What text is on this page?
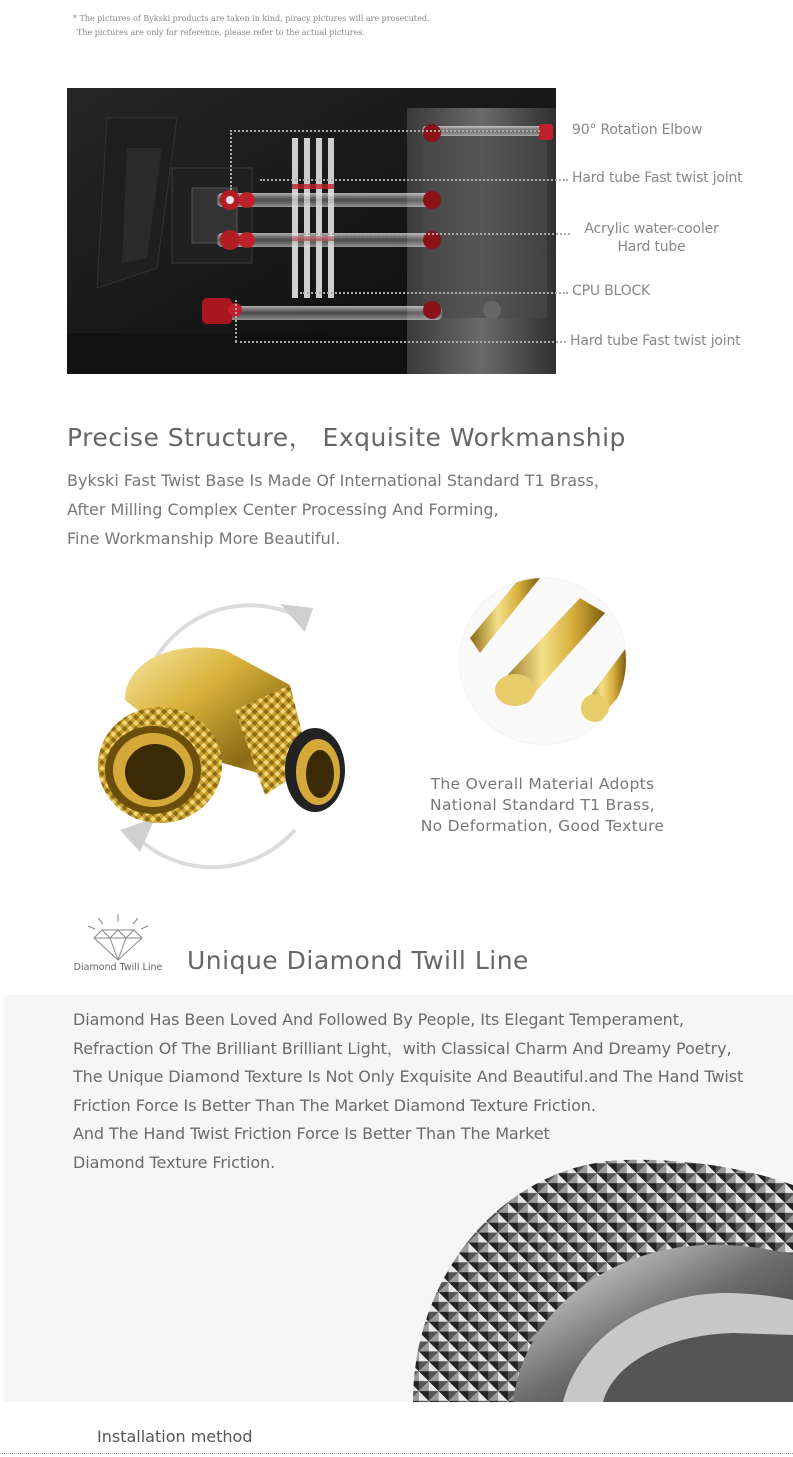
* The pictures of Bykski products are taken in kind, piracy pictures will are prosecuted.
The pictures are only for reference, please refer to the actual pictures.
90° Rotation Elbow
Hard tube Fast twist joint
Acrylic water-cooler
Hard tube
CPU BLOCK
Hard tube Fast twist joint
Precise Structure， Exquisite Workmanship
Bykski Fast Twist Base Is Made Of International Standard T1 Brass，
After Milling Complex Center Processing And Forming,
Fine Workmanship More Beautiful.
The Overall Material Adopts
National Standard T1 Brass,
No Deformation, Good Texture
Diamond Twill Line Unique Diamond Twill Line
Diamond Has Been Loved And Followed By People, Its Elegant Temperament,
Refraction Of The Brilliant Brilliant Light，with Classical Charm And Dreamy Poetry,
The Unique Diamond Texture Is Not Only Exquisite And Beautiful.and The Hand Twist
Friction Force Is Better Than The Market Diamond Texture Friction.
And The Hand Twist Friction Force Is Better Than The Market
Diamond Texture Friction.
Installation method
